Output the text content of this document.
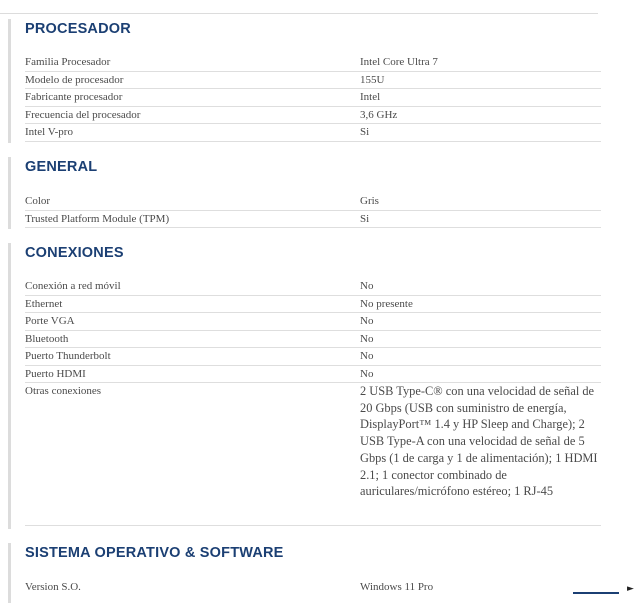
PROCESADOR
Familia Procesador	Intel Core Ultra 7
Modelo de procesador	155U
Fabricante procesador	Intel
Frecuencia del procesador	3,6 GHz
Intel V-pro	Si
GENERAL
Color	Gris
Trusted Platform Module (TPM)	Si
CONEXIONES
Conexión a red móvil	No
Ethernet	No presente
Porte VGA	No
Bluetooth	No
Puerto Thunderbolt	No
Puerto HDMI	No
Otras conexiones	2 USB Type-C® con una velocidad de señal de 20 Gbps (USB con suministro de energía, DisplayPort™ 1.4 y HP Sleep and Charge); 2 USB Type-A con una velocidad de señal de 5 Gbps (1 de carga y 1 de alimentación); 1 HDMI 2.1; 1 conector combinado de auriculares/micrófono estéreo; 1 RJ-45
SISTEMA OPERATIVO & SOFTWARE
Version S.O.	Windows 11 Pro	►
